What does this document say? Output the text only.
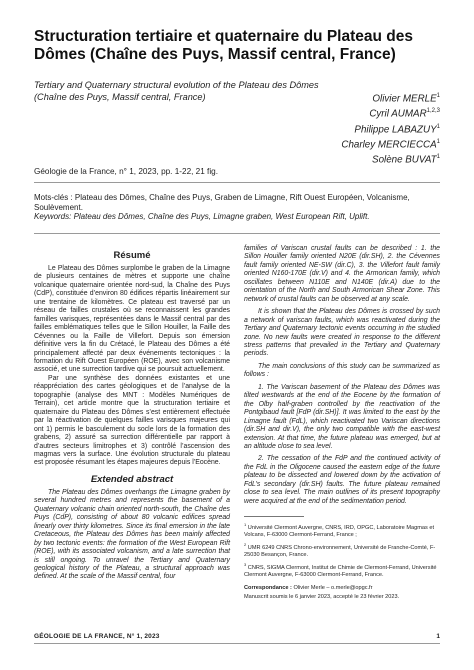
Structuration tertiaire et quaternaire du Plateau des Dômes (Chaîne des Puys, Massif central, France)
Tertiary and Quaternary structural evolution of the Plateau des Dômes (Chaîne des Puys, Massif central, France)	Olivier MERLE$^1$
Cyril AUMAR$^{1,2,3}$
Philippe LABAZUY$^1$
Charley MERCIECCA$^1$
Solène BUVAT$^1$
Géologie de la France, n° 1, 2023, pp. 1-22, 21 fig.
Mots-clés : Plateau des Dômes, Chaîne des Puys, Graben de Limagne, Rift Ouest Européen, Volcanisme, Soulèvement.
Keywords: Plateau des Dômes, Chaîne des Puys, Limagne graben, West European Rift, Uplift.
Résumé

Le Plateau des Dômes surplombe le graben de la Limagne de plusieurs centaines de mètres et supporte une chaîne volcanique quaternaire orientée nord-sud, la Chaîne des Puys (CdP), constituée d’environ 80 édifices répartis linéairement sur une trentaine de kilomètres. Ce plateau est traversé par un réseau de failles crustales où se reconnaissent les grandes familles varisques, représentées dans le Massif central par des failles emblématiques telles que le Sillon Houiller, la Faille des Cévennes ou la Faille de Villefort. Depuis son émersion définitive vers la fin du Crétacé, le Plateau des Dômes a été principalement affecté par deux événements tectoniques : la formation du Rift Ouest Européen (ROE), avec son volcanisme associé, et une surrection tardive qui se poursuit actuellement.

Par une synthèse des données existantes et une réappréciation des cartes géologiques et de l’analyse de la topographie (analyse des MNT : Modèles Numériques de Terrain), cet article montre que la structuration tertiaire et quaternaire du Plateau des Dômes s’est entièrement effectuée par la réactivation de quelques failles varisques majeures qui ont 1) permis le basculement du socle lors de la formation des grabens, 2) assuré sa surrection différentielle par rapport à d’autres secteurs limitrophes et 3) contrôlé l’ascension des magmas vers la surface. Une évolution structurale du plateau est proposée résumant les étapes majeures depuis l’Eocène.

Extended abstract

The Plateau des Dômes overhangs the Limagne graben by several hundred metres and represents the basement of a Quaternary volcanic chain oriented north-south, the Chaîne des Puys (CdP), consisting of about 80 volcanic edifices spread linearly over thirty kilometres. Since its final emersion in the late Cretaceous, the Plateau des Dômes has been mainly affected by two tectonic events: the formation of the West European Rift (ROE), with its associated volcanism, and a late surrection that is still ongoing. To unravel the Tertiary and Quaternary geological history of the Plateau, a structural approach was defined. At the scale of the Massif central, four

families of Variscan crustal faults can be described : 1. the Sillon Houiller family oriented N20E (dir.SH), 2. the Cévennes fault family oriented NE-SW (dir.C), 3. the Villefort fault family oriented N160-170E (dir.V) and 4. the Armorican family, which oscillates between N110E and N140E (dir.A) due to the orientation of the North and South Armorican Shear Zone. This network of crustal faults can be observed at any scale.

It is shown that the Plateau des Dômes is crossed by such a network of variscan faults, which was reactivated during the Tertiary and Quaternary tectonic events occurring in the studied zone. No new faults were created in response to the different stress patterns that prevailed in the Tertiary and Quaternary periods.

The main conclusions of this study can be summarized as follows :

1. The Variscan basement of the Plateau des Dômes was tilted westwards at the end of the Eocene by the formation of the Olby half-graben controlled by the reactivation of the Pontgibaud fault [FdP (dir.SH)]. It was limited to the east by the Limagne fault (FdL), which reactivated two Variscan directions (dir.SH and dir.V), the only two compatible with the east-west extension. At that time, the future plateau was emerged, but at an altitude close to sea level.

2. The cessation of the FdP and the continued activity of the FdL in the Oligocene caused the eastern edge of the future plateau to be dissected and lowered down by the activation of FdL’s secondary (dir.SH) faults. The future plateau remained close to sea level. The main outlines of its present topography were acquired at the end of the sedimentation period.

$^1$ Université Clermont Auvergne, CNRS, IRD, OPGC, Laboratoire Magmas et Volcans, F-63000 Clermont-Ferrand, France ;

$^2$ UMR 6249 CNRS Chrono-environnement, Université de Franche-Comté, F-25030 Besançon, France.

$^3$ CNRS, SIGMA Clermont, Institut de Chimie de Clermont-Ferrand, Université Clermont Auvergne, F-63000 Clermont-Ferrand, France.

Correspondance : Olivier Merle – o.merle@opgc.fr

Manuscrit soumis le 6 janvier 2023, accepté le 23 février 2023.

GÉOLOGIE DE LA FRANCE, N° 1, 2023	1
